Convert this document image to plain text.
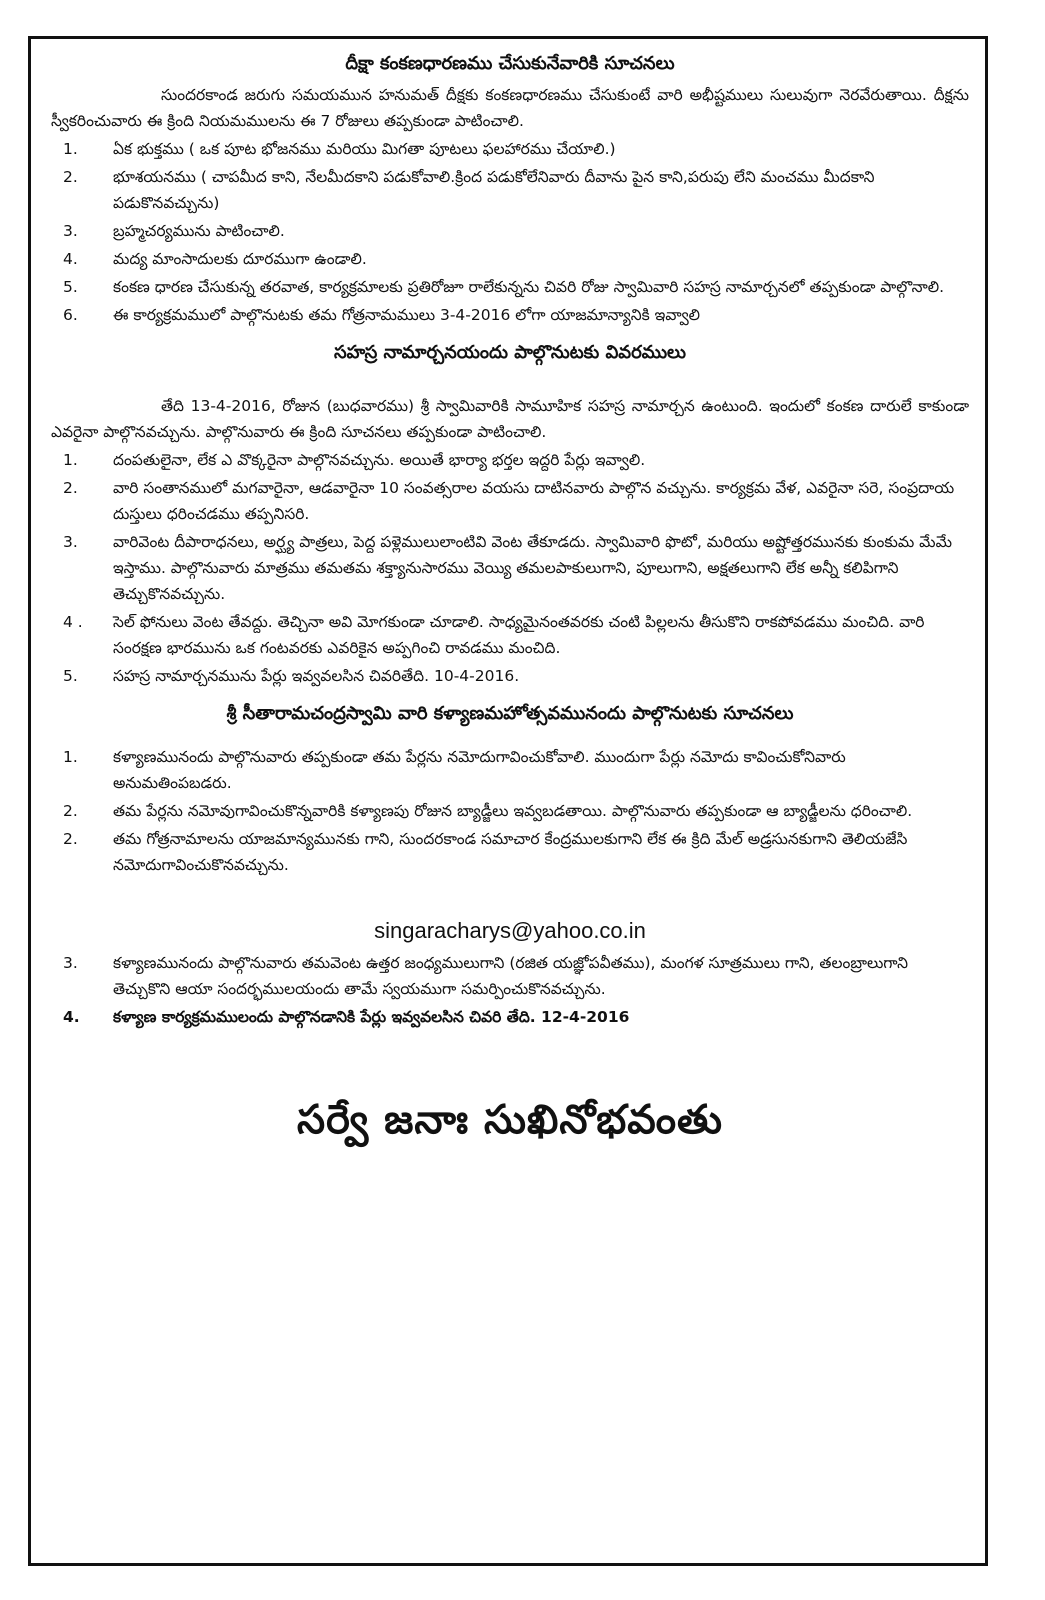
దీక్షా కంకణధారణము చేసుకునేవారికి సూచనలు

సుందరకాండ జరుగు సమయమున హనుమత్ దీక్షకు కంకణధారణము చేసుకుంటే వారి అభీష్టములు సులువుగా నెరవేరుతాయి. దీక్షను స్వీకరించువారు ఈ క్రింది నియమములను ఈ 7 రోజులు తప్పకుండా పాటించాలి.

1. ఏక భుక్తము ( ఒక పూట భోజనము మరియు మిగతా పూటలు ఫలహారము చేయాలి.)
2. భూశయనము ( చాపమీద కాని, నేలమీదకాని పడుకోవాలి.క్రింద పడుకోలేనివారు దీవాను పైన కాని,పరుపు లేని మంచము మీదకాని పడుకొనవచ్చును)
3. బ్రహ్మచర్యమును పాటించాలి.
4. మద్య మాంసాదులకు దూరముగా ఉండాలి.
5. కంకణ ధారణ చేసుకున్న తరవాత, కార్యక్రమాలకు ప్రతిరోజూ రాలేకున్నను చివరి రోజు స్వామివారి సహస్ర నామార్చనలో తప్పకుండా పాల్గొనాలి.
6. ఈ కార్యక్రమములో పాల్గొనుటకు తమ గోత్రనామములు 3-4-2016 లోగా యాజమాన్యానికి ఇవ్వాలి

సహస్ర నామార్చనయందు పాల్గొనుటకు వివరములు

తేది 13-4-2016, రోజున (బుధవారము) శ్రీ స్వామివారికి సామూహిక సహస్ర నామార్చన ఉంటుంది. ఇందులో కంకణ దారులే కాకుండా ఎవరైనా పాల్గొనవచ్చును. పాల్గొనువారు ఈ క్రింది సూచనలు తప్పకుండా పాటించాలి.

1. దంపతులైనా, లేక ఎ వొక్కరైనా పాల్గొనవచ్చును. అయితే భార్యా భర్తల ఇద్దరి పేర్లు ఇవ్వాలి.
2. వారి సంతానములో మగవారైనా, ఆడవారైనా 10 సంవత్సరాల వయసు దాటినవారు పాల్గొన వచ్చును. కార్యక్రమ వేళ, ఎవరైనా సరె, సంప్రదాయ దుస్తులు ధరించడము తప్పనిసరి.
3. వారివెంట దీపారాధనలు, అర్ఘ్య పాత్రలు, పెద్ద పళ్లెములులాంటివి వెంట తేకూడదు. స్వామివారి ఫొటో, మరియు అష్టోత్తరమునకు కుంకుమ మేమే ఇస్తాము. పాల్గొనువారు మాత్రము తమతమ శక్త్యానుసారము వెయ్యి తమలపాకులుగాని, పూలుగాని, అక్షతలుగాని లేక అన్నీ కలిపిగాని తెచ్చుకొనవచ్చును.
4 . సెల్ ఫోనులు వెంట తేవద్దు. తెచ్చినా అవి మోగకుండా చూడాలి. సాధ్యమైనంతవరకు చంటి పిల్లలను తీసుకొని రాకపోవడము మంచిది. వారి సంరక్షణ భారమును ఒక గంటవరకు ఎవరికైన అప్పగించి రావడము మంచిది.
5. సహస్ర నామార్చనమును పేర్లు ఇవ్వవలసిన చివరితేది. 10-4-2016.

శ్రీ సీతారామచంద్రస్వామి వారి కళ్యాణమహోత్సవమునందు పాల్గొనుటకు సూచనలు

1. కళ్యాణమునందు పాల్గొనువారు తప్పకుండా తమ పేర్లను నమోదుగావించుకోవాలి. ముందుగా పేర్లు నమోదు కావించుకోనివారు అనుమతింపబడరు.
2. తమ పేర్లను నమోవుగావించుకొన్నవారికి కళ్యాణపు రోజున బ్యాడ్జీలు ఇవ్వబడతాయి. పాల్గొనువారు తప్పకుండా ఆ బ్యాడ్జీలను ధరించాలి.
2. తమ గోత్రనామాలను యాజమాన్యమునకు గాని, సుందరకాండ సమాచార కేంద్రములకుగాని లేక ఈ క్రిది మేల్ అడ్రసునకుగాని తెలియజేసి నమోదుగావించుకొనవచ్చును.

singaracharys@yahoo.co.in

3. కళ్యాణమునందు పాల్గొనువారు తమవెంట ఉత్తర జంధ్యములుగాని (రజిత యజ్ఞోపవీతము), మంగళ సూత్రములు గాని, తలంబ్రాలుగాని తెచ్చుకొని ఆయా సందర్భములయందు తామే స్వయముగా సమర్పించుకొనవచ్చును.
4. కళ్యాణ కార్యక్రమములందు పాల్గొనడానికి పేర్లు ఇవ్వవలసిన చివరి తేది. 12-4-2016

సర్వే జనాః సుఖినోభవంతు
